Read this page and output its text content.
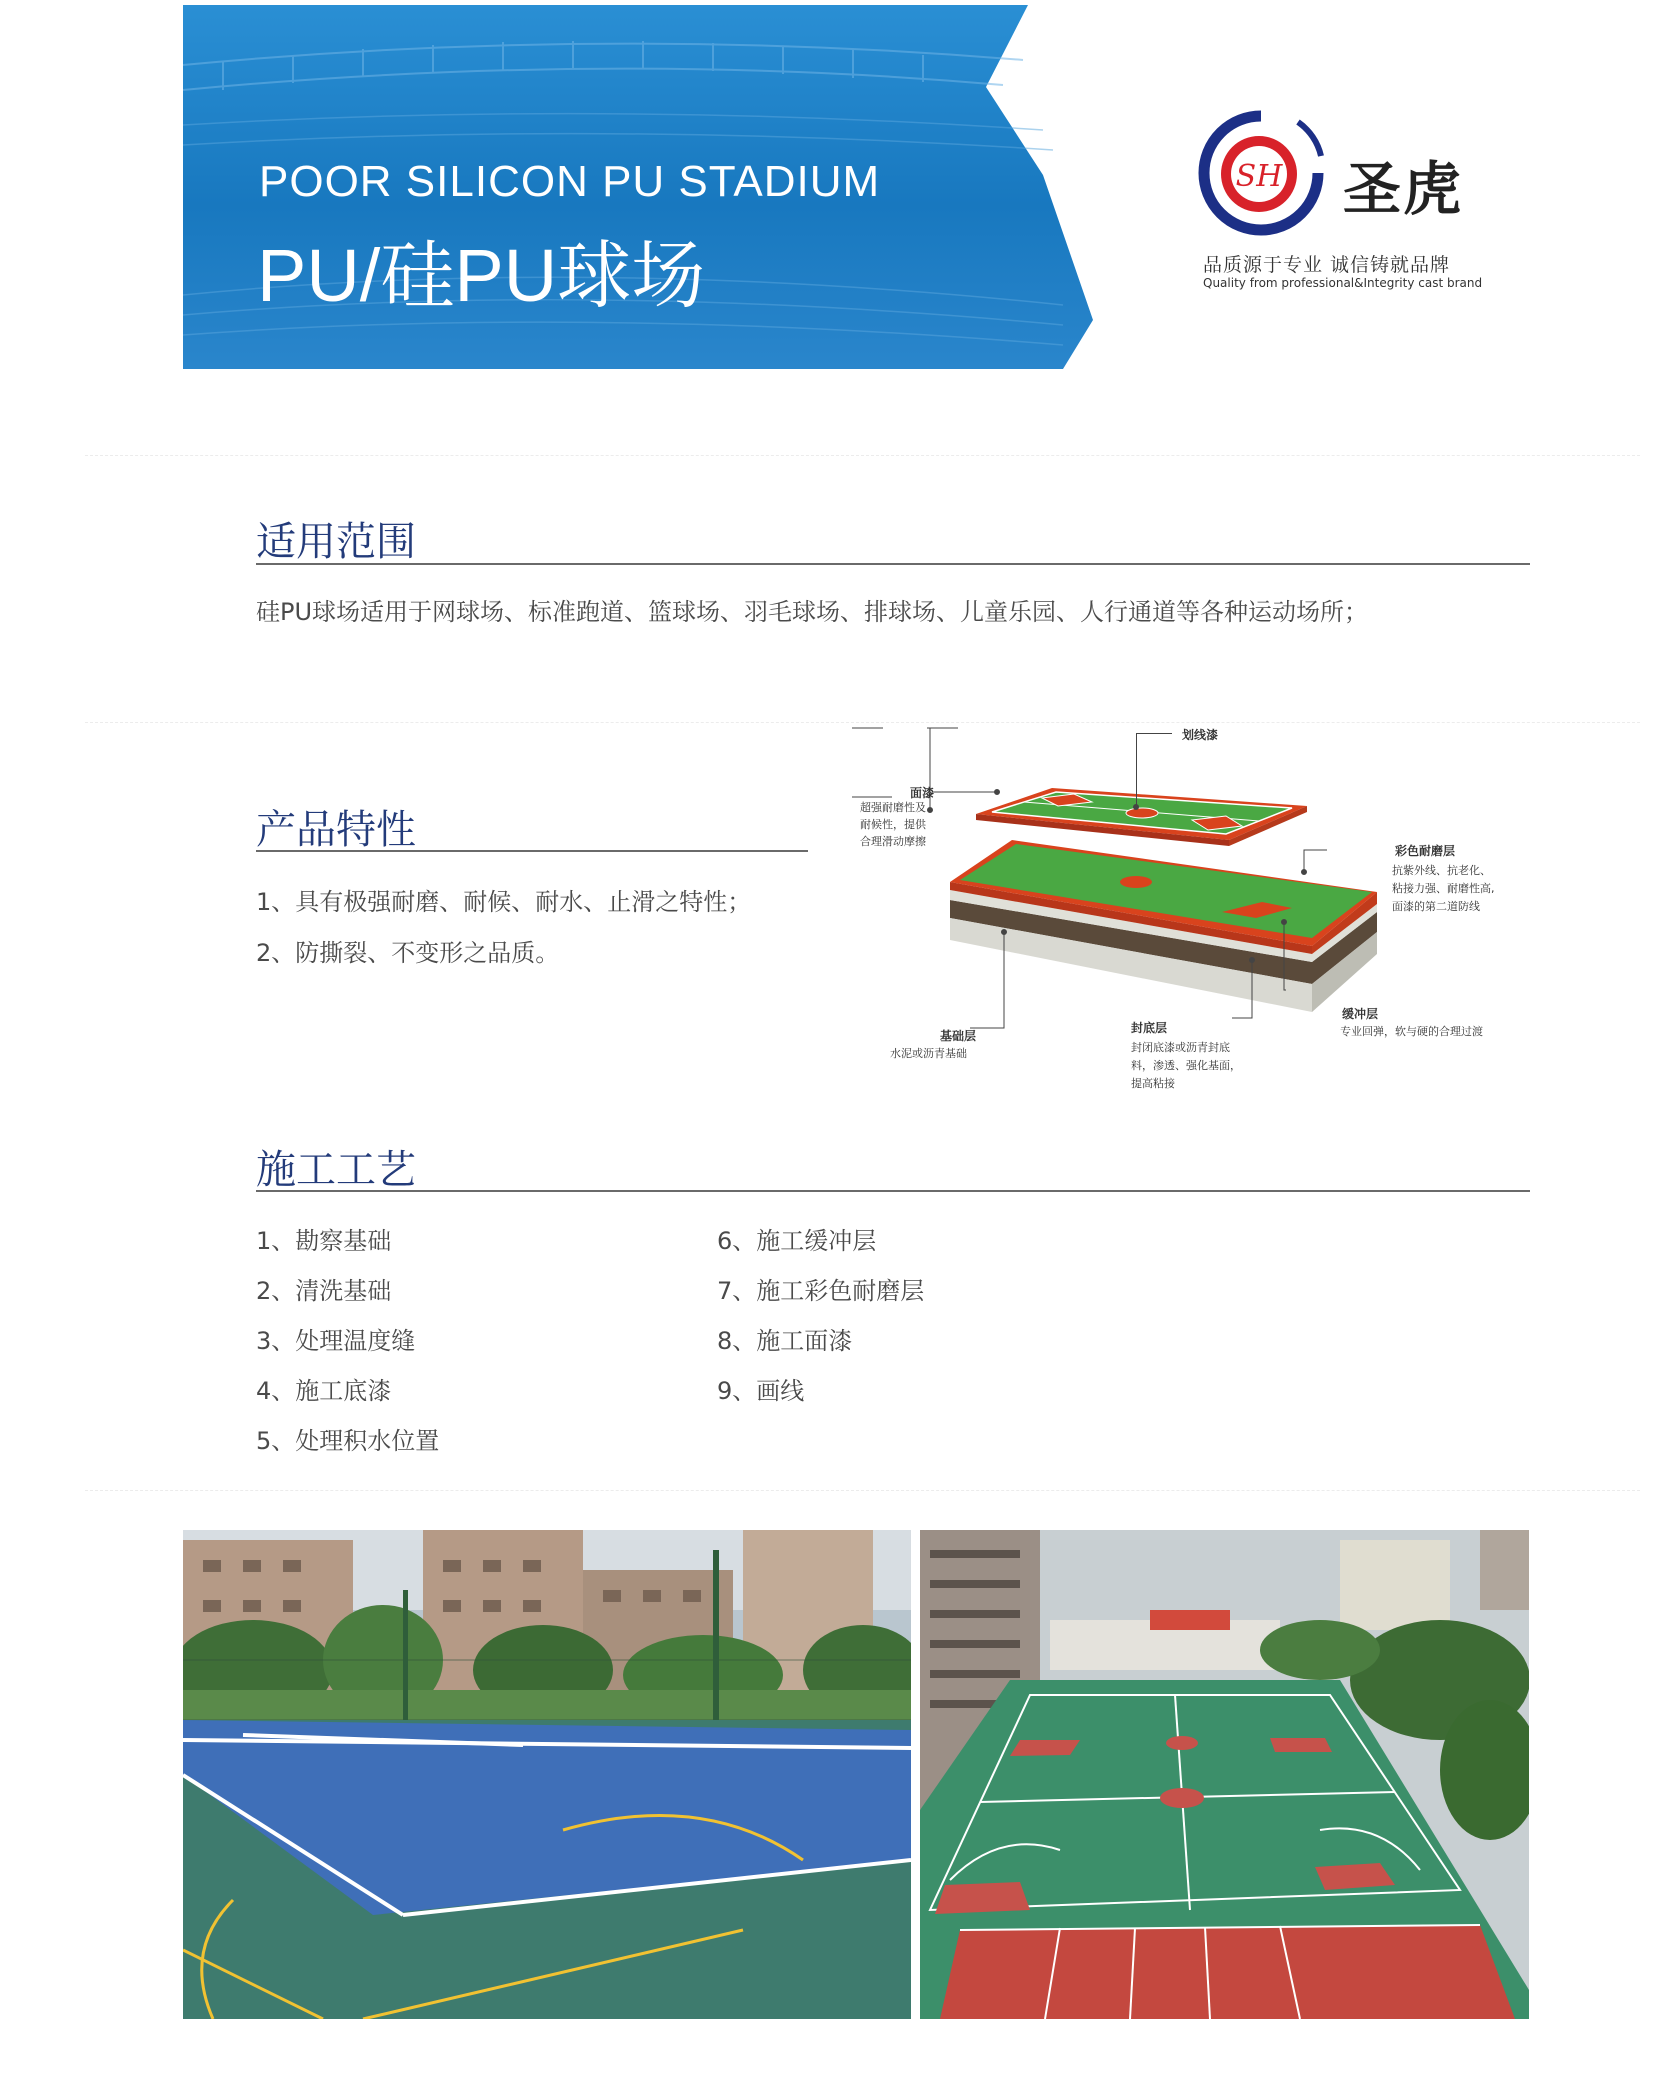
POOR SILICON PU STADIUM
PU/硅PU球场
SH 圣虎
品质源于专业 诚信铸就品牌
Quality from professional&Integrity cast brand
适用范围
硅PU球场适用于网球场、标准跑道、篮球场、羽毛球场、排球场、儿童乐园、人行通道等各种运动场所；
产品特性
1、具有极强耐磨、耐候、耐水、止滑之特性；
2、防撕裂、不变形之品质。
划线漆
面漆
超强耐磨性及
耐候性，提供
合理滑动摩擦
彩色耐磨层
抗紫外线、抗老化、
粘接力强、耐磨性高,
面漆的第二道防线
缓冲层
专业回弹，软与硬的合理过渡
封底层
封闭底漆或沥青封底
料，渗透、强化基面，
提高粘接
基础层
水泥或沥青基础
施工工艺
1、勘察基础
2、清洗基础
3、处理温度缝
4、施工底漆
5、处理积水位置
6、施工缓冲层
7、施工彩色耐磨层
8、施工面漆
9、画线
